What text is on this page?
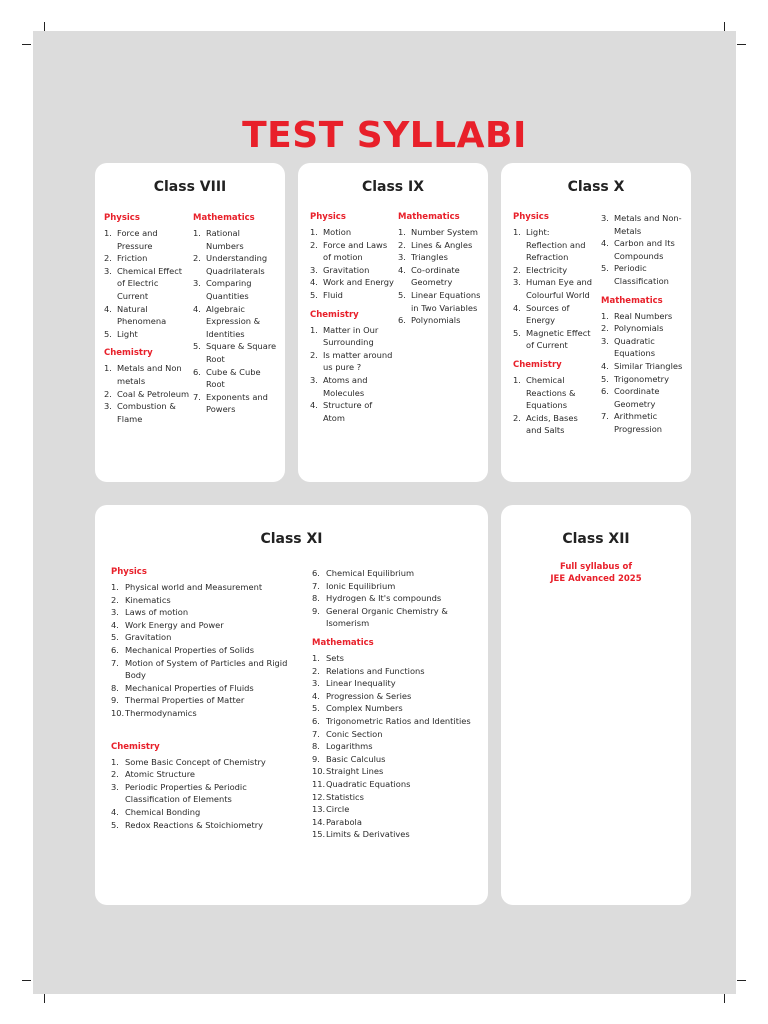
TEST SYLLABI
Class VIII
Physics
1. Force and Pressure
2. Friction
3. Chemical Effect of Electric Current
4. Natural Phenomena
5. Light
Chemistry
1. Metals and Non metals
2. Coal & Petroleum
3. Combustion & Flame
Mathematics
1. Rational Numbers
2. Understanding Quadrilaterals
3. Comparing Quantities
4. Algebraic Expression & Identities
5. Square & Square Root
6. Cube & Cube Root
7. Exponents and Powers
Class IX
Physics
1. Motion
2. Force and Laws of motion
3. Gravitation
4. Work and Energy
5. Fluid
Chemistry
1. Matter in Our Surrounding
2. Is matter around us pure ?
3. Atoms and Molecules
4. Structure of Atom
Mathematics
1. Number System
2. Lines & Angles
3. Triangles
4. Co-ordinate Geometry
5. Linear Equations in Two Variables
6. Polynomials
Class X
Physics
1. Light: Reflection and Refraction
2. Electricity
3. Human Eye and Colourful World
4. Sources of Energy
5. Magnetic Effect of Current
Chemistry
1. Chemical Reactions & Equations
2. Acids, Bases and Salts
3. Metals and Non-Metals
4. Carbon and Its Compounds
5. Periodic Classification
Mathematics
1. Real Numbers
2. Polynomials
3. Quadratic Equations
4. Similar Triangles
5. Trigonometry
6. Coordinate Geometry
7. Arithmetic Progression
Class XI
Physics
1. Physical world and Measurement
2. Kinematics
3. Laws of motion
4. Work Energy and Power
5. Gravitation
6. Mechanical Properties of Solids
7. Motion of System of Particles and Rigid Body
8. Mechanical Properties of Fluids
9. Thermal Properties of Matter
10. Thermodynamics
Chemistry
1. Some Basic Concept of Chemistry
2. Atomic Structure
3. Periodic Properties & Periodic Classification of Elements
4. Chemical Bonding
5. Redox Reactions & Stoichiometry
6. Chemical Equilibrium
7. Ionic Equilibrium
8. Hydrogen & It's compounds
9. General Organic Chemistry & Isomerism
Mathematics
1. Sets
2. Relations and Functions
3. Linear Inequality
4. Progression & Series
5. Complex Numbers
6. Trigonometric Ratios and Identities
7. Conic Section
8. Logarithms
9. Basic Calculus
10. Straight Lines
11. Quadratic Equations
12. Statistics
13. Circle
14. Parabola
15. Limits & Derivatives
Class XII
Full syllabus of
JEE Advanced 2025
